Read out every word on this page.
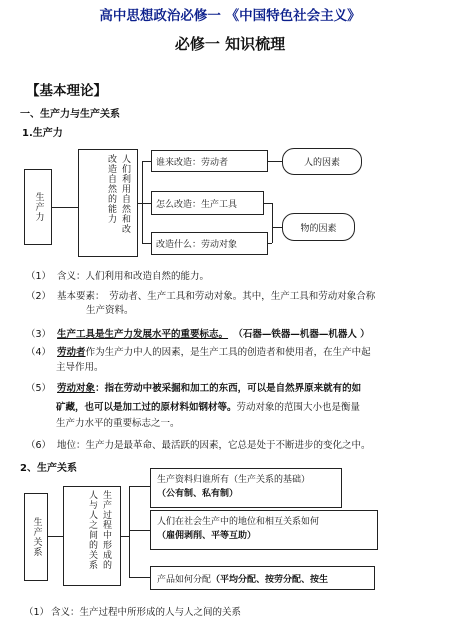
高中思想政治必修一 《中国特色社会主义》
必修一 知识梳理
【基本理论】
一、生产力与生产关系
1.生产力
生产力	人们利用自然和改
改造自然的能力	谁来改造：劳动者
怎么改造：生产工具
改造什么：劳动对象
人的因素
物的因素
（1） 含义：人们利用和改造自然的能力。
（2） 基本要素：　劳动者、生产工具和劳动对象。其中，生产工具和劳动对象合称
生产资料。
（3） 生产工具是生产力发展水平的重要标志。 （石器—铁器—机器—机器人 ）
（4） 劳动者作为生产力中人的因素，是生产工具的创造者和使用者，在生产中起
主导作用。
（5） 劳动对象：指在劳动中被采掘和加工的东西，可以是自然界原来就有的如
矿藏，也可以是加工过的原材料如钢材等。劳动对象的范围大小也是衡量
生产力水平的重要标志之一。
（6） 地位：生产力是最革命、最活跃的因素，它总是处于不断进步的变化之中。
2、生产关系
生产关系	生产过程中形成的
人与人之间的关系
生产资料归谁所有（生产关系的基础）
（公有制、私有制）
人们在社会生产中的地位和相互关系如何
（雇佣剥削、平等互助）
产品如何分配 （平均分配、按劳分配、按生
（1） 含义：生产过程中所形成的人与人之间的关系
